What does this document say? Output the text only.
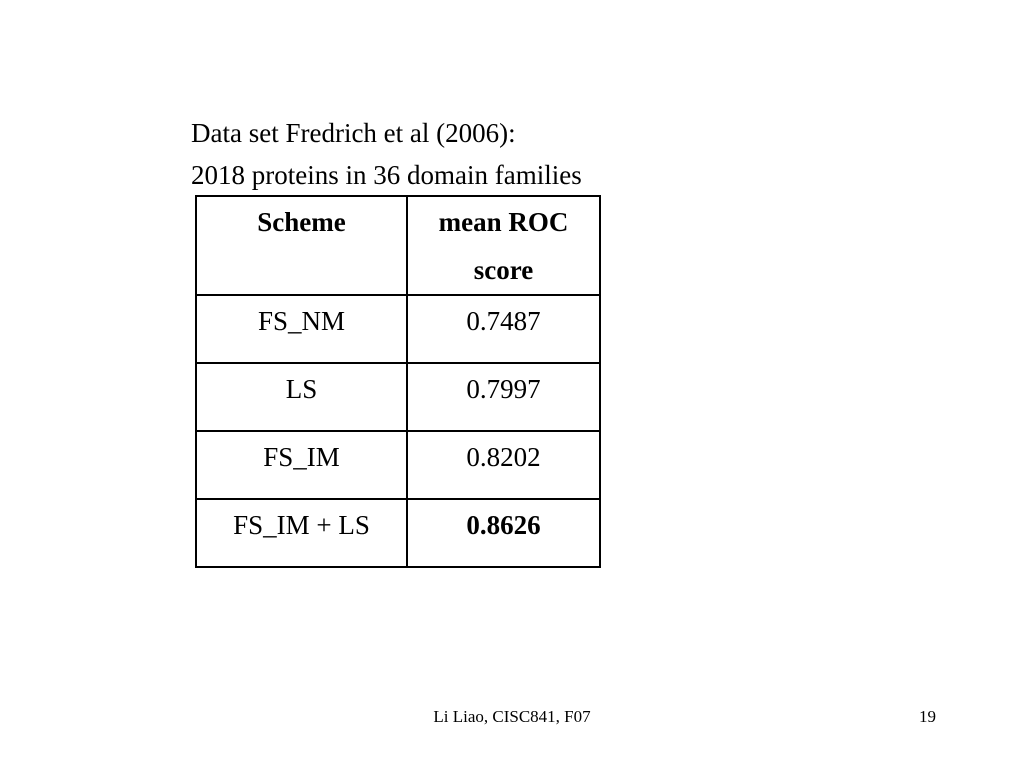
Data set Fredrich et al (2006):
2018 proteins in 36 domain families
Scheme	mean ROC score
FS_NM	0.7487
LS	0.7997
FS_IM	0.8202
FS_IM + LS	0.8626
Li Liao, CISC841, F07	19
